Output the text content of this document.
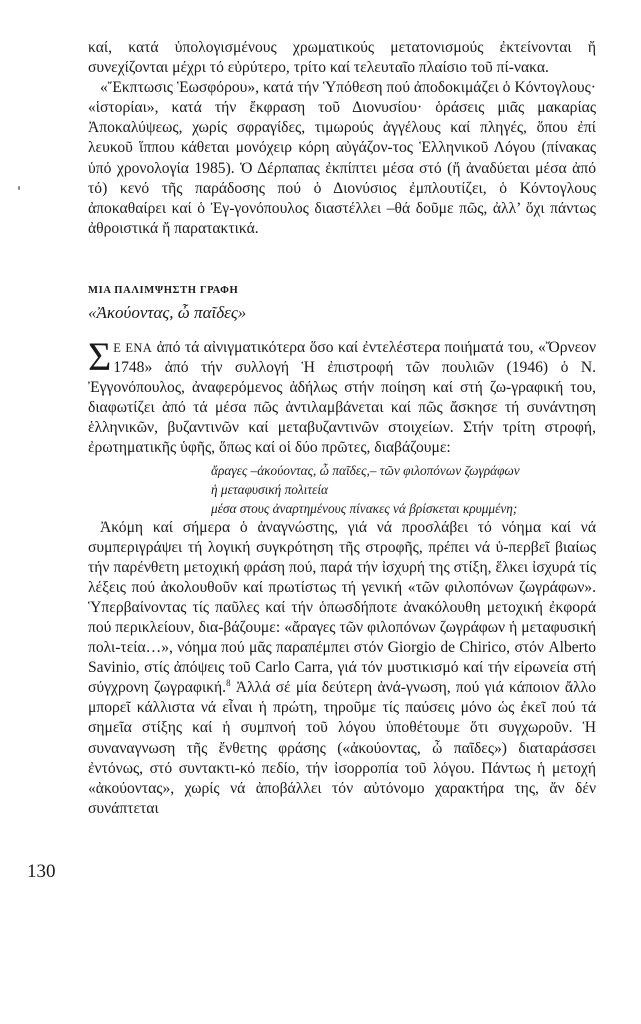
καί, κατά ὑπολογισμένους χρωματικούς μετατονισμούς ἐκτείνονται ἤ συνεχίζονται μέχρι τό εὐρύτερο, τρίτο καί τελευταῖο πλαίσιο τοῦ πί-νακα.

«Ἔκπτωσις Ἑωσφόρου», κατά τήν Ὑπόθεση πού ἀποδοκιμάζει ὁ Κόντογλους· «ἱστορίαι», κατά τήν ἔκφραση τοῦ Διονυσίου· ὁράσεις μιᾶς μακαρίας Ἀποκαλύψεως, χωρίς σφραγίδες, τιμωρούς ἀγγέλους καί πληγές, ὅπου ἐπί λευκοῦ ἵππου κάθεται μονόχειρ κόρη αὐγάζον-τος Ἑλληνικοῦ Λόγου (πίνακας ὑπό χρονολογία 1985). Ὁ Δέρπαπας ἐκπίπτει μέσα στό (ἤ ἀναδύεται μέσα ἀπό τό) κενό τῆς παράδοσης πού ὁ Διονύσιος ἐμπλουτίζει, ὁ Κόντογλους ἀποκαθαίρει καί ὁ Ἐγ-γονόπουλος διαστέλλει –θά δοῦμε πῶς, ἀλλ’ ὄχι πάντως ἀθροιστικά ἤ παρατακτικά.

ΜΙΑ ΠΑΛΙΜΨΗΣΤΗ ΓΡΑΦΗ
«Ἀκούοντας, ὦ παῖδες»

Σ Ε ΕΝΑ ἀπό τά αἰνιγματικότερα ὅσο καί ἐντελέστερα ποιήματά του, «Ὄρνεον 1748» ἀπό τήν συλλογή Ἡ ἐπιστροφή τῶν πουλιῶν (1946) ὁ Ν. Ἐγγονόπουλος, ἀναφερόμενος ἀδήλως στήν ποίηση καί στή ζω-γραφική του, διαφωτίζει ἀπό τά μέσα πῶς ἀντιλαμβάνεται καί πῶς ἄσκησε τή συνάντηση ἑλληνικῶν, βυζαντινῶν καί μεταβυζαντινῶν στοιχείων. Στήν τρίτη στροφή, ἐρωτηματικῆς ὑφῆς, ὅπως καί οἱ δύο πρῶτες, διαβάζουμε:

ἄραγες –ἀκούοντας, ὦ παῖδες,– τῶν φιλοπόνων ζωγράφων
ἡ μεταφυσική πολιτεία
μέσα στους ἀναρτημένους πίνακες νά βρίσκεται κρυμμένη;

Ἀκόμη καί σήμερα ὁ ἀναγνώστης, γιά νά προσλάβει τό νόημα καί νά συμπεριγράψει τή λογική συγκρότηση τῆς στροφῆς, πρέπει νά ὑ-περβεῖ βιαίως τήν παρένθετη μετοχική φράση πού, παρά τήν ἰσχυρή της στίξη, ἕλκει ἰσχυρά τίς λέξεις πού ἀκολουθοῦν καί πρωτίστως τή γενική «τῶν φιλοπόνων ζωγράφων». Ὑπερβαίνοντας τίς παῦλες καί τήν ὁπωσδήποτε ἀνακόλουθη μετοχική ἐκφορά πού περικλείουν, δια-βάζουμε: «ἄραγες τῶν φιλοπόνων ζωγράφων ἡ μεταφυσική πολι-τεία…», νόημα πού μᾶς παραπέμπει στόν Giorgio de Chirico, στόν Alberto Savinio, στίς ἀπόψεις τοῦ Carlo Carra, γιά τόν μυστικισμό καί τήν εἰρωνεία στή σύγχρονη ζωγραφική.$^8$ Ἀλλά σέ μία δεύτερη ἀνά-γνωση, πού γιά κάποιον ἄλλο μπορεῖ κάλλιστα νά εἶναι ἡ πρώτη, τηροῦμε τίς παύσεις μόνο ὡς ἐκεῖ πού τά σημεῖα στίξης καί ἡ συμπνοή τοῦ λόγου ὑποθέτουμε ὅτι συγχωροῦν. Ἡ συναναγνωση τῆς ἔνθετης φράσης («ἀκούοντας, ὦ παῖδες») διαταράσσει ἐντόνως, στό συντακτι-κό πεδίο, τήν ἰσορροπία τοῦ λόγου. Πάντως ἡ μετοχή «ἀκούοντας», χωρίς νά ἀποβάλλει τόν αὐτόνομο χαρακτήρα της, ἄν δέν συνάπτεται

130
